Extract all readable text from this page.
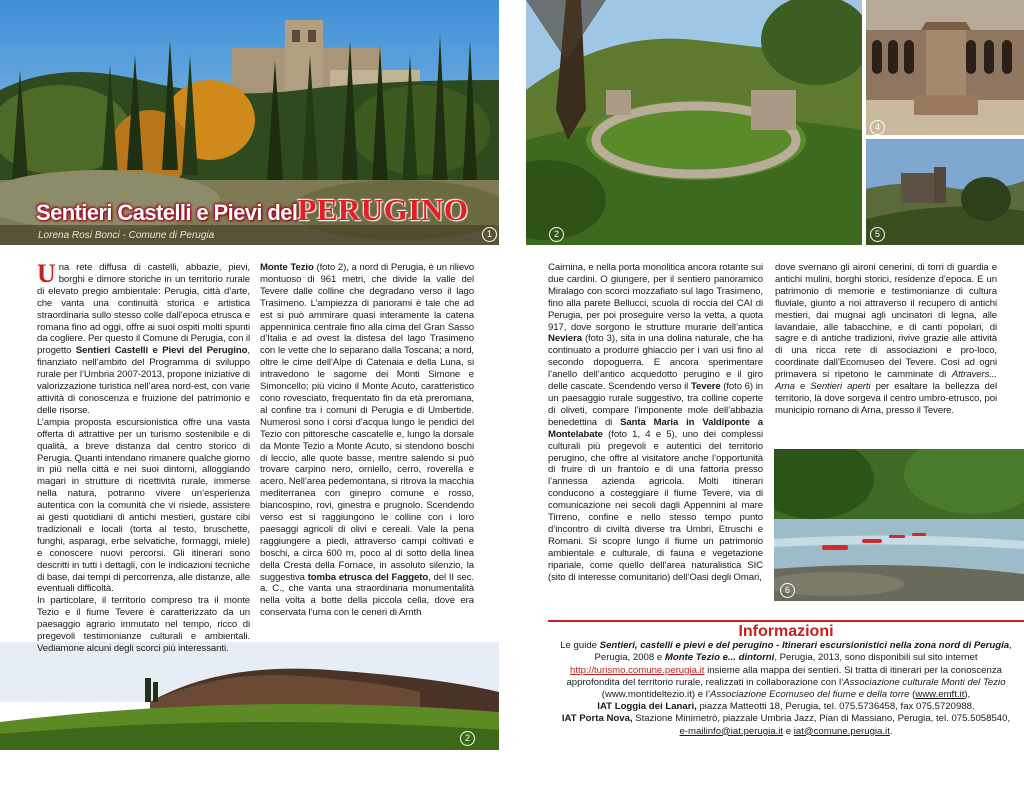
1
Sentieri Castelli e Pievi delPERUGINO
Lorena Rosi Bonci - Comune di Perugia	2
4
5
2
6

Una rete diffusa di castelli, abbazie, pievi, borghi e dimore storiche in un territorio rurale di elevato pregio ambientale: Perugia, città d’arte, che vanta una continuità storica e artistica straordinaria sullo stesso colle dall’epoca etrusca e romana fino ad oggi, offre ai suoi ospiti molti spunti da cogliere. Per questo il Comune di Perugia, con il progetto Sentieri Castelli e Pievi del Perugino, finanziato nell’ambito del Programma di sviluppo rurale per l’Umbria 2007-2013, propone iniziative di valorizzazione turistica nell’area nord-est, con varie attività di conoscenza e fruizione del patrimonio e delle risorse.

L’ampia proposta escursionistica offre una vasta offerta di attrattive per un turismo sostenibile e di qualità, a breve distanza dal centro storico di Perugia. Quanti intendano rimanere qualche giorno in più nella città e nei suoi dintorni, alloggiando magari in strutture di ricettività rurale, immerse nella natura, potranno vivere un’esperienza autentica con la comunità che vi risiede, assistere ai gesti quotidiani di antichi mestieri, gustare cibi tradizionali e locali (torta al testo, bruschette, funghi, asparagi, erbe selvatiche, formaggi, miele) e conoscere nuovi percorsi. Gli itinerari sono descritti in tutti i dettagli, con le indicazioni tecniche di base, dai tempi di percorrenza, alle distanze, alle eventuali difficoltà.

In particolare, il territorio compreso tra il monte Tezio e il fiume Tevere è caratterizzato da un paesaggio agrario immutato nel tempo, ricco di pregevoli testimonianze culturali e ambientali. Vediamone alcuni degli scorci più interessanti.

Monte Tezio (foto 2), a nord di Perugia, è un rilievo montuoso di 961 metri, che divide la valle del Tevere dalle colline che degradano verso il lago Trasimeno. L’ampiezza di panorami è tale che ad est si può ammirare quasi interamente la catena appenninica centrale fino alla cima del Gran Sasso d’Italia e ad ovest la distesa del lago Trasimeno con le vette che lo separano dalla Toscana; a nord, oltre le cime dell’Alpe di Catenaia e della Luna, si intravedono le sagome dei Monti Simone e Simoncello; più vicino il Monte Acuto, caratteristico cono rovesciato, frequentato fin da età preromana, al confine tra i comuni di Perugia e di Umbertide. Numerosi sono i corsi d’acqua lungo le pendici del Tezio con pittoresche cascatelle e, lungo la dorsale da Monte Tezio a Monte Acuto, si stendono boschi di leccio, alle quote basse, mentre salendo si può trovare carpino nero, orniello, cerro, roverella e acero. Nell’area pedemontana, si ritrova la macchia mediterranea con ginepro comune e rosso, biancospino, rovi, ginestra e prugnolo. Scendendo verso est si raggiungono le colline con i loro paesaggi agricoli di olivi e cereali. Vale la pena raggiungere a piedi, attraverso campi coltivati e boschi, a circa 600 m, poco al di sotto della linea della Cresta della Fornace, in assoluto silenzio, la suggestiva tomba etrusca del Faggeto, del II sec. a. C., che vanta una straordinaria monumentalità nella volta a botte della piccola cella, dove era conservata l’urna con le ceneri di Arnth

Cairnina, e nella porta monolitica ancora rotante sui due cardini. O giungere, per il sentiero panoramico Miralago con scorci mozzafiato sul lago Trasimeno, fino alla parete Bellucci, scuola di roccia del CAI di Perugia, per poi proseguire verso la vetta, a quota 917, dove sorgono le strutture murarie dell’antica Neviera (foto 3), sita in una dolina naturale, che ha continuato a produrre ghiaccio per i vari usi fino al secondo dopoguerra. E ancora sperimentare l’anello dell’antico acquedotto perugino e il giro delle cascate. Scendendo verso il Tevere (foto 6) in un paesaggio rurale suggestivo, tra colline coperte di oliveti, compare l’imponente mole dell’abbazia benedettina di Santa Maria in Valdiponte a Montelabate (foto 1, 4 e 5), uno dei complessi culturali più pregevoli e autentici del territorio perugino, che offre al visitatore anche l’opportunità di fruire di un frantoio e di una fattoria presso l’annessa azienda agricola. Molti itinerari conducono a costeggiare il fiume Tevere, via di comunicazione nei secoli dagli Appennini al mare Tirreno, confine e nello stesso tempo punto d’incontro di civiltà diverse tra Umbri, Etruschi e Romani. Si scopre lungo il fiume un patrimonio ambientale e culturale, di fauna e vegetazione ripariale, come quello dell’area naturalistica SIC (sito di interesse comunitario) dell’Oasi degli Omari,

dove svernano gli aironi cenerini, di torri di guardia e antichi mulini, borghi storici, residenze d’epoca. E un patrimonio di memorie e testimonianze di cultura fluviale, giunto a noi attraverso il recupero di antichi mestieri, dai mugnai agli uncinatori di legna, alle lavandaie, alle tabacchine, e di canti popolari, di sagre e di antiche tradizioni, rivive grazie alle attività di una ricca rete di associazioni e pro-loco, coordinate dall’Ecomuseo del Tevere. Così ad ogni primavera si ripetono le camminate di Attravers... Arna e Sentieri aperti per esaltare la bellezza del territorio, là dove sorgeva il centro umbro-etrusco, poi municipio romano di Arna, presso il Tevere.

Informazioni

Le guide Sentieri, castelli e pievi e del perugino - Itinerari escursionistici nella zona nord di Perugia, Perugia, 2008 e Monte Tezio e... dintorni, Perugia, 2013, sono disponibili sul sito internet
http://turismo.comune.perugia.it insieme alla mappa dei sentieri. Si tratta di itinerari per la conoscenza approfondita del territorio rurale, realizzati in collaborazione con l’Associazione culturale Monti del Tezio (www.montideltezio.it) e l’Associazione Ecomuseo del fiume e della torre (www.emft.it),

IAT Loggia dei Lanari, piazza Matteotti 18, Perugia, tel. 075.5736458, fax 075.5720988.

IAT Porta Nova, Stazione Minimetrò, piazzale Umbria Jazz, Pian di Massiano, Perugia, tel. 075.5058540,
e-mailinfo@iat.perugia.it e iat@comune.perugia.it.
